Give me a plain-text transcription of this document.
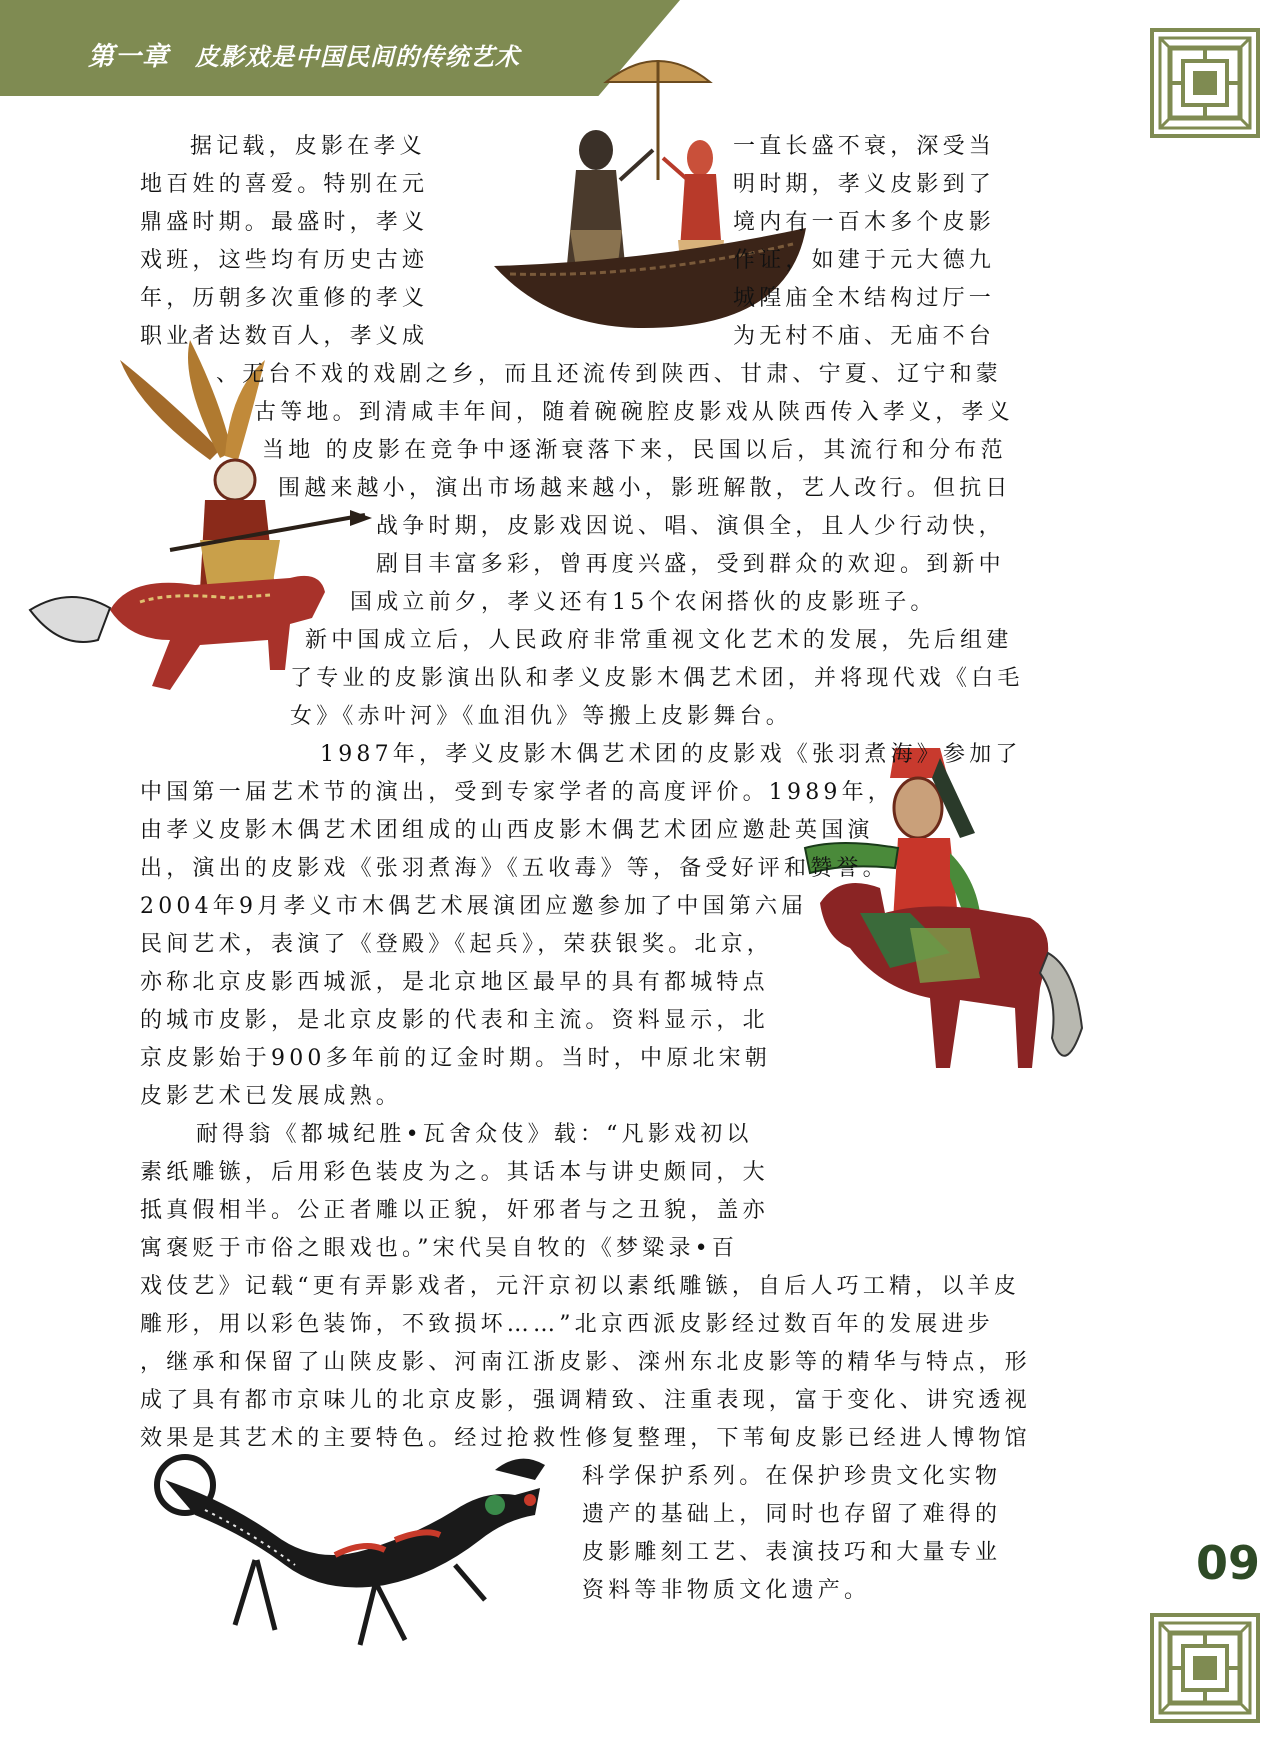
第一章 皮影戏是中国民间的传统艺术
09
据记载，皮影在孝义
地百姓的喜爱。特别在元
鼎盛时期。最盛时，孝义
戏班，这些均有历史古迹
年，历朝多次重修的孝义
职业者达数百人，孝义成
一直长盛不衰，深受当
明时期，孝义皮影到了
境内有一百木多个皮影
作证，如建于元大德九
城隍庙全木结构过厅一
为无村不庙、无庙不台
、无台不戏的戏剧之乡，而且还流传到陕西、甘肃、宁夏、辽宁和蒙
古等地。到清咸丰年间，随着碗碗腔皮影戏从陕西传入孝义，孝义
当地 的皮影在竞争中逐渐衰落下来，民国以后，其流行和分布范
围越来越小，演出市场越来越小，影班解散，艺人改行。但抗日
战争时期，皮影戏因说、唱、演俱全，且人少行动快，
剧目丰富多彩，曾再度兴盛，受到群众的欢迎。到新中
国成立前夕，孝义还有15个农闲搭伙的皮影班子。
新中国成立后，人民政府非常重视文化艺术的发展，先后组建
了专业的皮影演出队和孝义皮影木偶艺术团，并将现代戏《白毛
女》《赤叶河》《血泪仇》等搬上皮影舞台。
1987年，孝义皮影木偶艺术团的皮影戏《张羽煮海》参加了
中国第一届艺术节的演出，受到专家学者的高度评价。1989年，
由孝义皮影木偶艺术团组成的山西皮影木偶艺术团应邀赴英国演
出，演出的皮影戏《张羽煮海》《五收毒》等，备受好评和赞誉。
2004年9月孝义市木偶艺术展演团应邀参加了中国第六届
民间艺术，表演了《登殿》《起兵》，荣获银奖。北京，
亦称北京皮影西城派，是北京地区最早的具有都城特点
的城市皮影，是北京皮影的代表和主流。资料显示，北
京皮影始于900多年前的辽金时期。当时，中原北宋朝
皮影艺术已发展成熟。
耐得翁《都城纪胜•瓦舍众伎》载：“凡影戏初以
素纸雕镞，后用彩色装皮为之。其话本与讲史颇同，大
抵真假相半。公正者雕以正貌，奸邪者与之丑貌，盖亦
寓褒贬于市俗之眼戏也。”宋代吴自牧的《梦粱录•百
戏伎艺》记载“更有弄影戏者，元汗京初以素纸雕镞，自后人巧工精，以羊皮
雕形，用以彩色装饰，不致损坏……”北京西派皮影经过数百年的发展进步
，继承和保留了山陕皮影、河南江浙皮影、滦州东北皮影等的精华与特点，形
成了具有都市京味儿的北京皮影，强调精致、注重表现，富于变化、讲究透视
效果是其艺术的主要特色。经过抢救性修复整理，下苇甸皮影已经进人博物馆
科学保护系列。在保护珍贵文化实物
遗产的基础上，同时也存留了难得的
皮影雕刻工艺、表演技巧和大量专业
资料等非物质文化遗产。
